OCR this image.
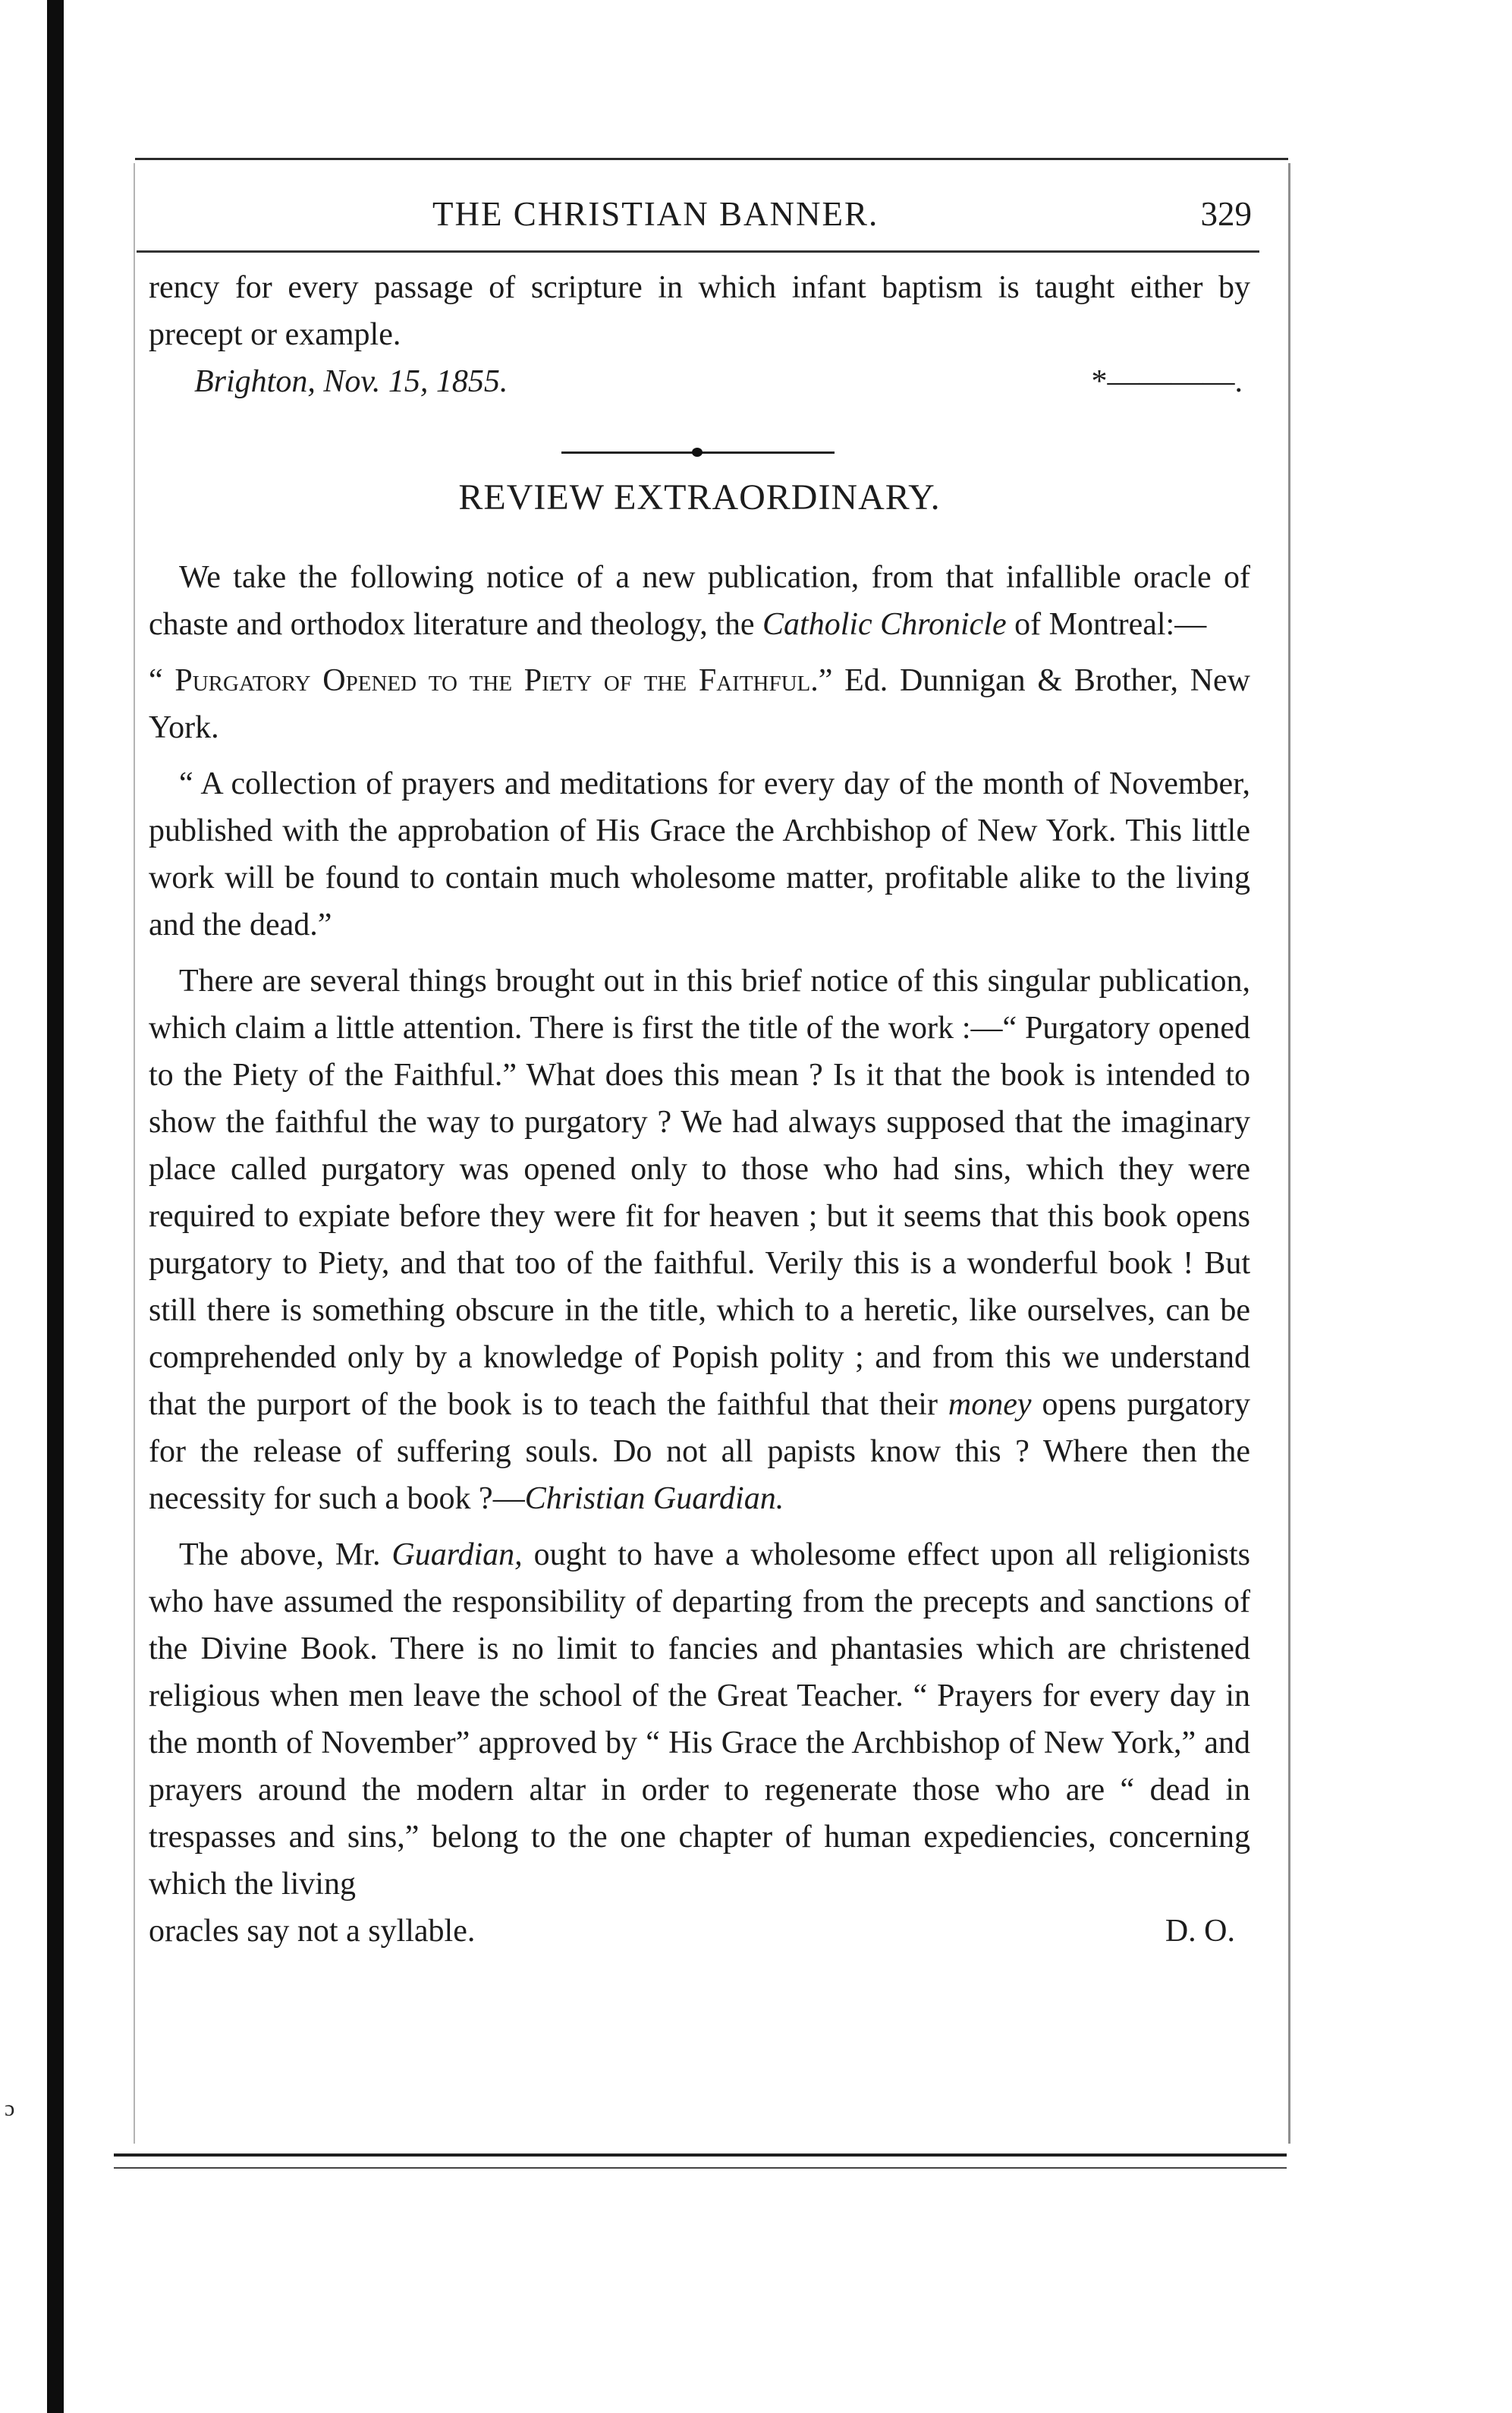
ɔ
THE CHRISTIAN BANNER.	329

rency for every passage of scripture in which infant baptism is taught either by precept or example.

Brighton, Nov. 15, 1855.	*————.
REVIEW EXTRAORDINARY.

We take the following notice of a new publication, from that infallible oracle of chaste and orthodox literature and theology, the Catholic Chronicle of Montreal:—

“ Purgatory Opened to the Piety of the Faithful.” Ed. Dunnigan & Brother, New York.

“ A collection of prayers and meditations for every day of the month of November, published with the approbation of His Grace the Archbishop of New York. This little work will be found to contain much wholesome matter, profitable alike to the living and the dead.”

There are several things brought out in this brief notice of this singular publication, which claim a little attention. There is first the title of the work :—“ Purgatory opened to the Piety of the Faithful.” What does this mean ? Is it that the book is intended to show the faithful the way to purgatory ? We had always supposed that the imaginary place called purgatory was opened only to those who had sins, which they were required to expiate before they were fit for heaven ; but it seems that this book opens purgatory to Piety, and that too of the faithful. Verily this is a wonderful book ! But still there is something obscure in the title, which to a heretic, like ourselves, can be comprehended only by a knowledge of Popish polity ; and from this we understand that the purport of the book is to teach the faithful that their money opens purgatory for the release of suffering souls. Do not all papists know this ? Where then the necessity for such a book ?—Christian Guardian.

The above, Mr. Guardian, ought to have a wholesome effect upon all religionists who have assumed the responsibility of departing from the precepts and sanctions of the Divine Book. There is no limit to fancies and phantasies which are christened religious when men leave the school of the Great Teacher. “ Prayers for every day in the month of November” approved by “ His Grace the Archbishop of New York,” and prayers around the modern altar in order to regenerate those who are “ dead in trespasses and sins,” belong to the one chapter of human expediencies, concerning which the living

oracles say not a syllable.	D. O.
